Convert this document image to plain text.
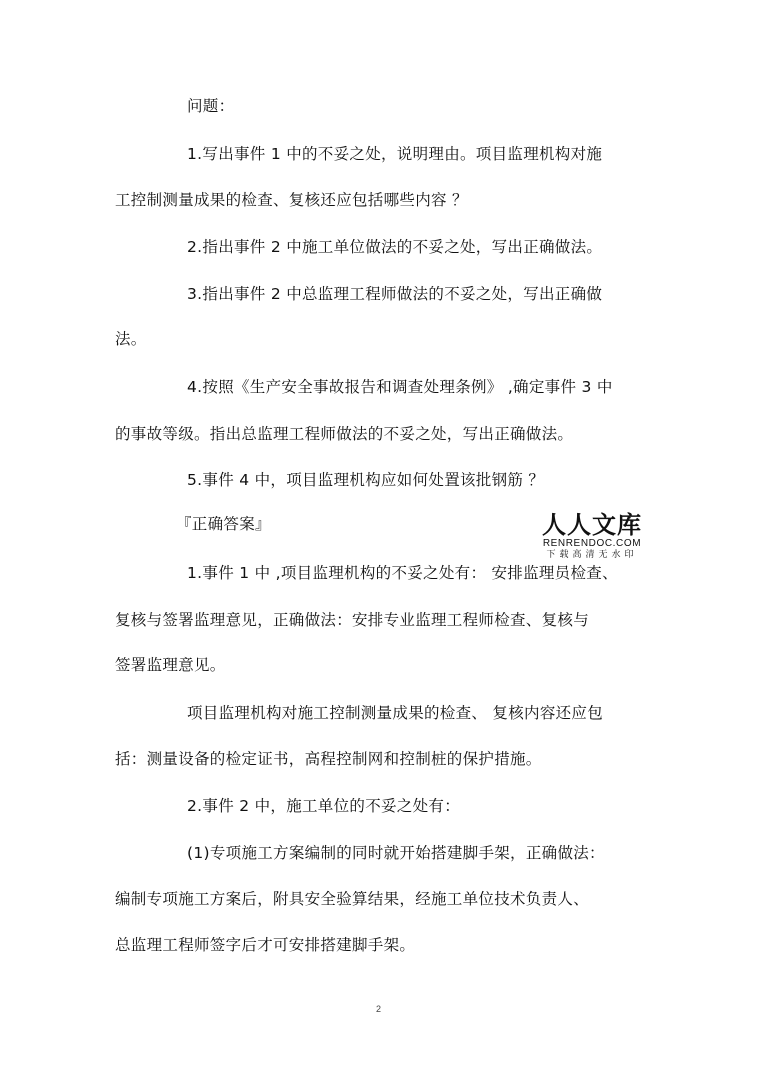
问题：
1.写出事件 1 中的不妥之处，说明理由。项目监理机构对施
工控制测量成果的检查、复核还应包括哪些内容 ？
2.指出事件 2 中施工单位做法的不妥之处，写出正确做法。
3.指出事件 2 中总监理工程师做法的不妥之处，写出正确做
法。
4.按照《生产安全事故报告和调查处理条例》 ,确定事件 3 中
的事故等级。指出总监理工程师做法的不妥之处，写出正确做法。
5.事件 4 中，项目监理机构应如何处置该批钢筋 ？
『正确答案』
1.事件 1 中 ,项目监理机构的不妥之处有： 安排监理员检查、
复核与签署监理意见，正确做法：安排专业监理工程师检查、复核与
签署监理意见。
项目监理机构对施工控制测量成果的检查、 复核内容还应包
括：测量设备的检定证书，高程控制网和控制桩的保护措施。
2.事件 2 中，施工单位的不妥之处有：
(1)专项施工方案编制的同时就开始搭建脚手架，正确做法：
编制专项施工方案后，附具安全验算结果，经施工单位技术负责人、
总监理工程师签字后才可安排搭建脚手架。
人人文库
RENRENDOC.COM
下载高清无水印
2
